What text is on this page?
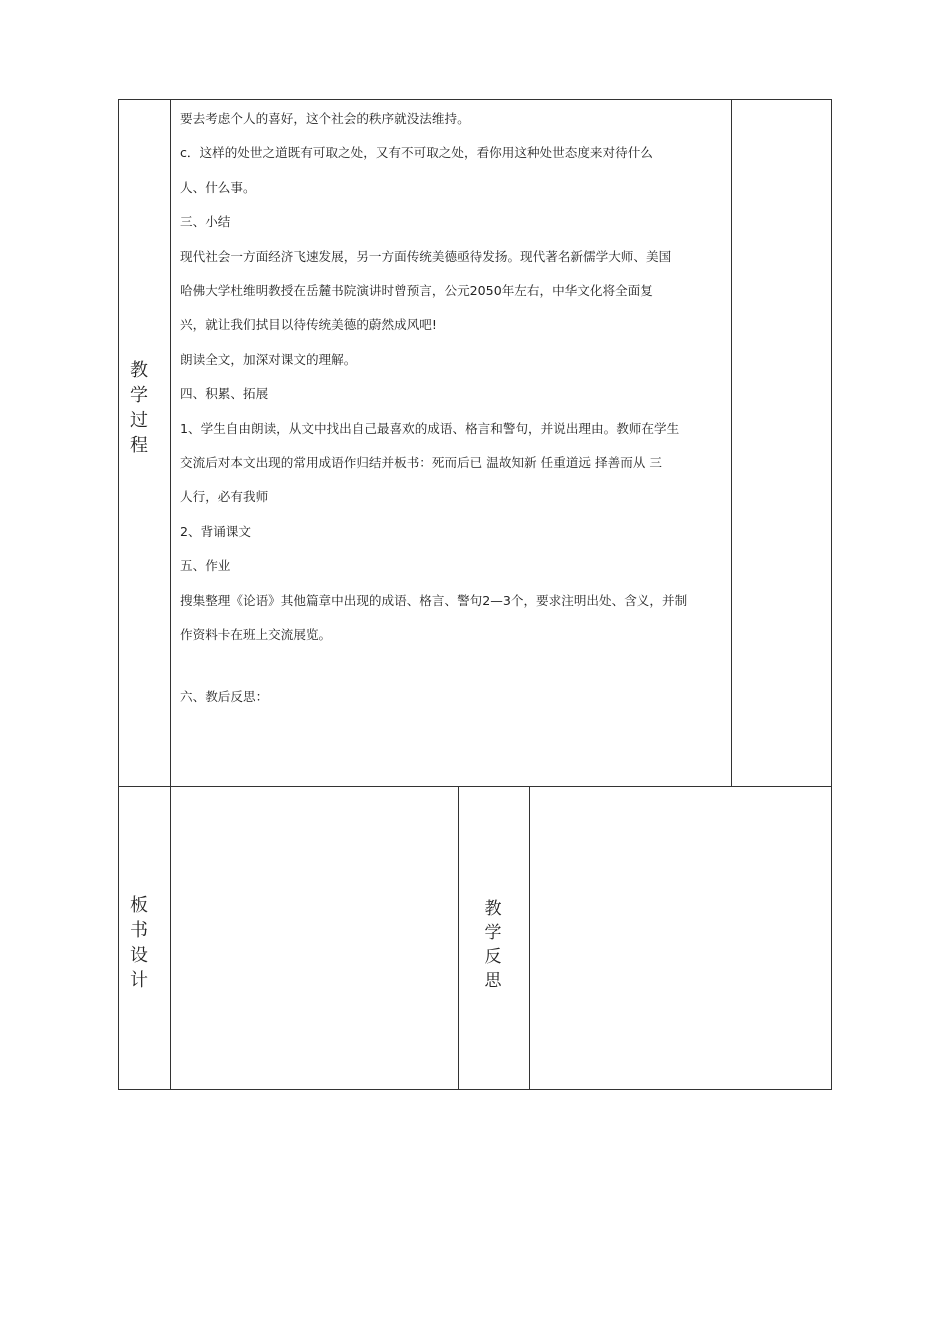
教学过程
板书设计
教学反思

要去考虑个人的喜好，这个社会的秩序就没法维持。

c．这样的处世之道既有可取之处，又有不可取之处，看你用这种处世态度来对待什么

人、什么事。

三、小结

现代社会一方面经济飞速发展，另一方面传统美德亟待发扬。现代著名新儒学大师、美国

哈佛大学杜维明教授在岳麓书院演讲时曾预言，公元2050年左右，中华文化将全面复

兴，就让我们拭目以待传统美德的蔚然成风吧!

朗读全文，加深对课文的理解。

四、积累、拓展

1、学生自由朗读，从文中找出自己最喜欢的成语、格言和警句，并说出理由。教师在学生

交流后对本文出现的常用成语作归结并板书：死而后已 温故知新 任重道远 择善而从 三

人行，必有我师

2、背诵课文

五、作业

搜集整理《论语》其他篇章中出现的成语、格言、警句2—3个，要求注明出处、含义，并制

作资料卡在班上交流展览。

六、教后反思：
